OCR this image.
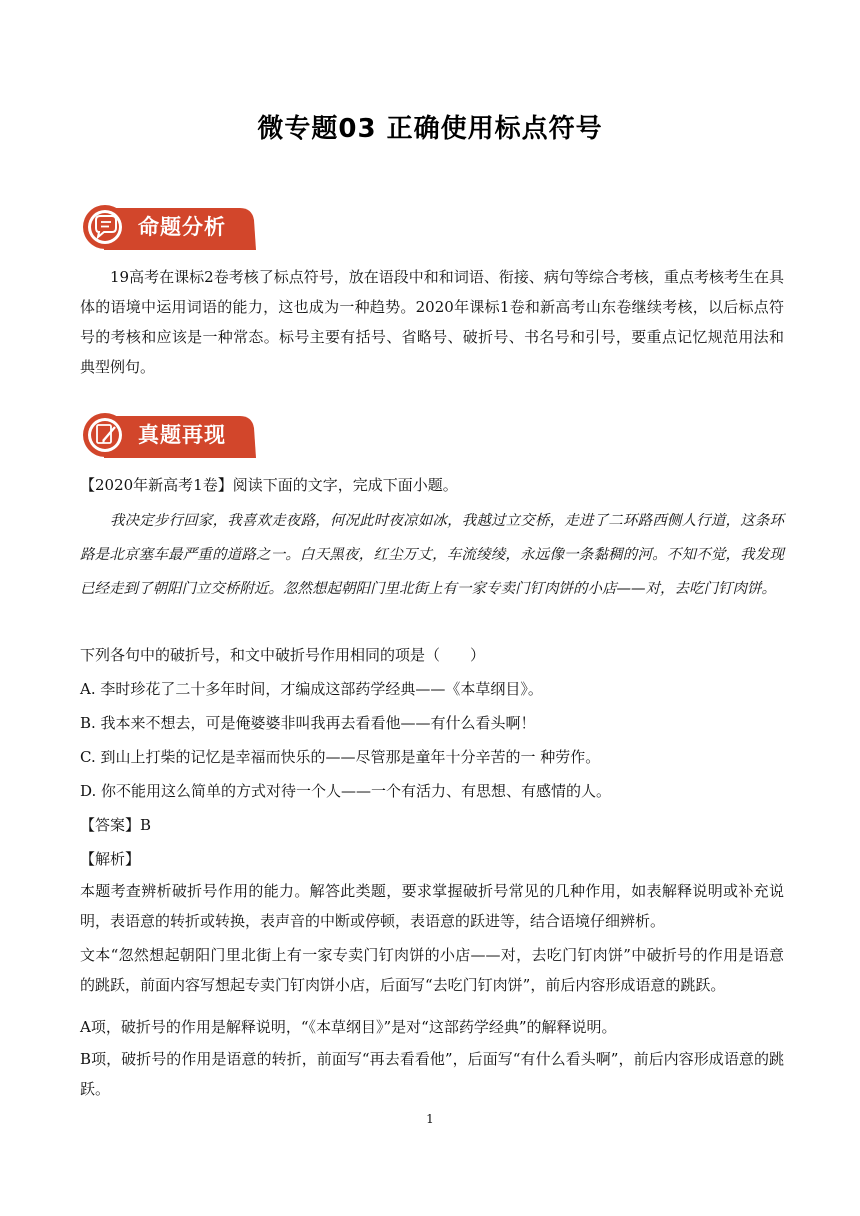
微专题03 正确使用标点符号
命题分析
19高考在课标2卷考核了标点符号，放在语段中和和词语、衔接、病句等综合考核，重点考核考生在具体的语境中运用词语的能力，这也成为一种趋势。2020年课标1卷和新高考山东卷继续考核，以后标点符号的考核和应该是一种常态。标号主要有括号、省略号、破折号、书名号和引号，要重点记忆规范用法和典型例句。
真题再现
【2020年新高考1卷】阅读下面的文字，完成下面小题。
我决定步行回家，我喜欢走夜路，何况此时夜凉如冰，我越过立交桥，走进了二环路西侧人行道，这条环路是北京塞车最严重的道路之一。白天黑夜，红尘万丈，车流绫绫，永远像一条黏稠的河。不知不觉，我发现已经走到了朝阳门立交桥附近。忽然想起朝阳门里北街上有一家专卖门钉肉饼的小店——对，去吃门钉肉饼。
下列各句中的破折号，和文中破折号作用相同的项是（　　）
A. 李时珍花了二十多年时间，才编成这部药学经典——《本草纲目》。
B. 我本来不想去，可是俺婆婆非叫我再去看看他——有什么看头啊！
C. 到山上打柴的记忆是幸福而快乐的——尽管那是童年十分辛苦的一 种劳作。
D. 你不能用这么简单的方式对待一个人——一个有活力、有思想、有感情的人。
【答案】B
【解析】
本题考查辨析破折号作用的能力。解答此类题，要求掌握破折号常见的几种作用，如表解释说明或补充说明，表语意的转折或转换，表声音的中断或停顿，表语意的跃进等，结合语境仔细辨析。
文本“忽然想起朝阳门里北街上有一家专卖门钉肉饼的小店——对，去吃门钉肉饼”中破折号的作用是语意的跳跃，前面内容写想起专卖门钉肉饼小店，后面写“去吃门钉肉饼”，前后内容形成语意的跳跃。
A项，破折号的作用是解释说明，“《本草纲目》”是对“这部药学经典”的解释说明。
B项，破折号的作用是语意的转折，前面写“再去看看他”，后面写“有什么看头啊”，前后内容形成语意的跳跃。
1
